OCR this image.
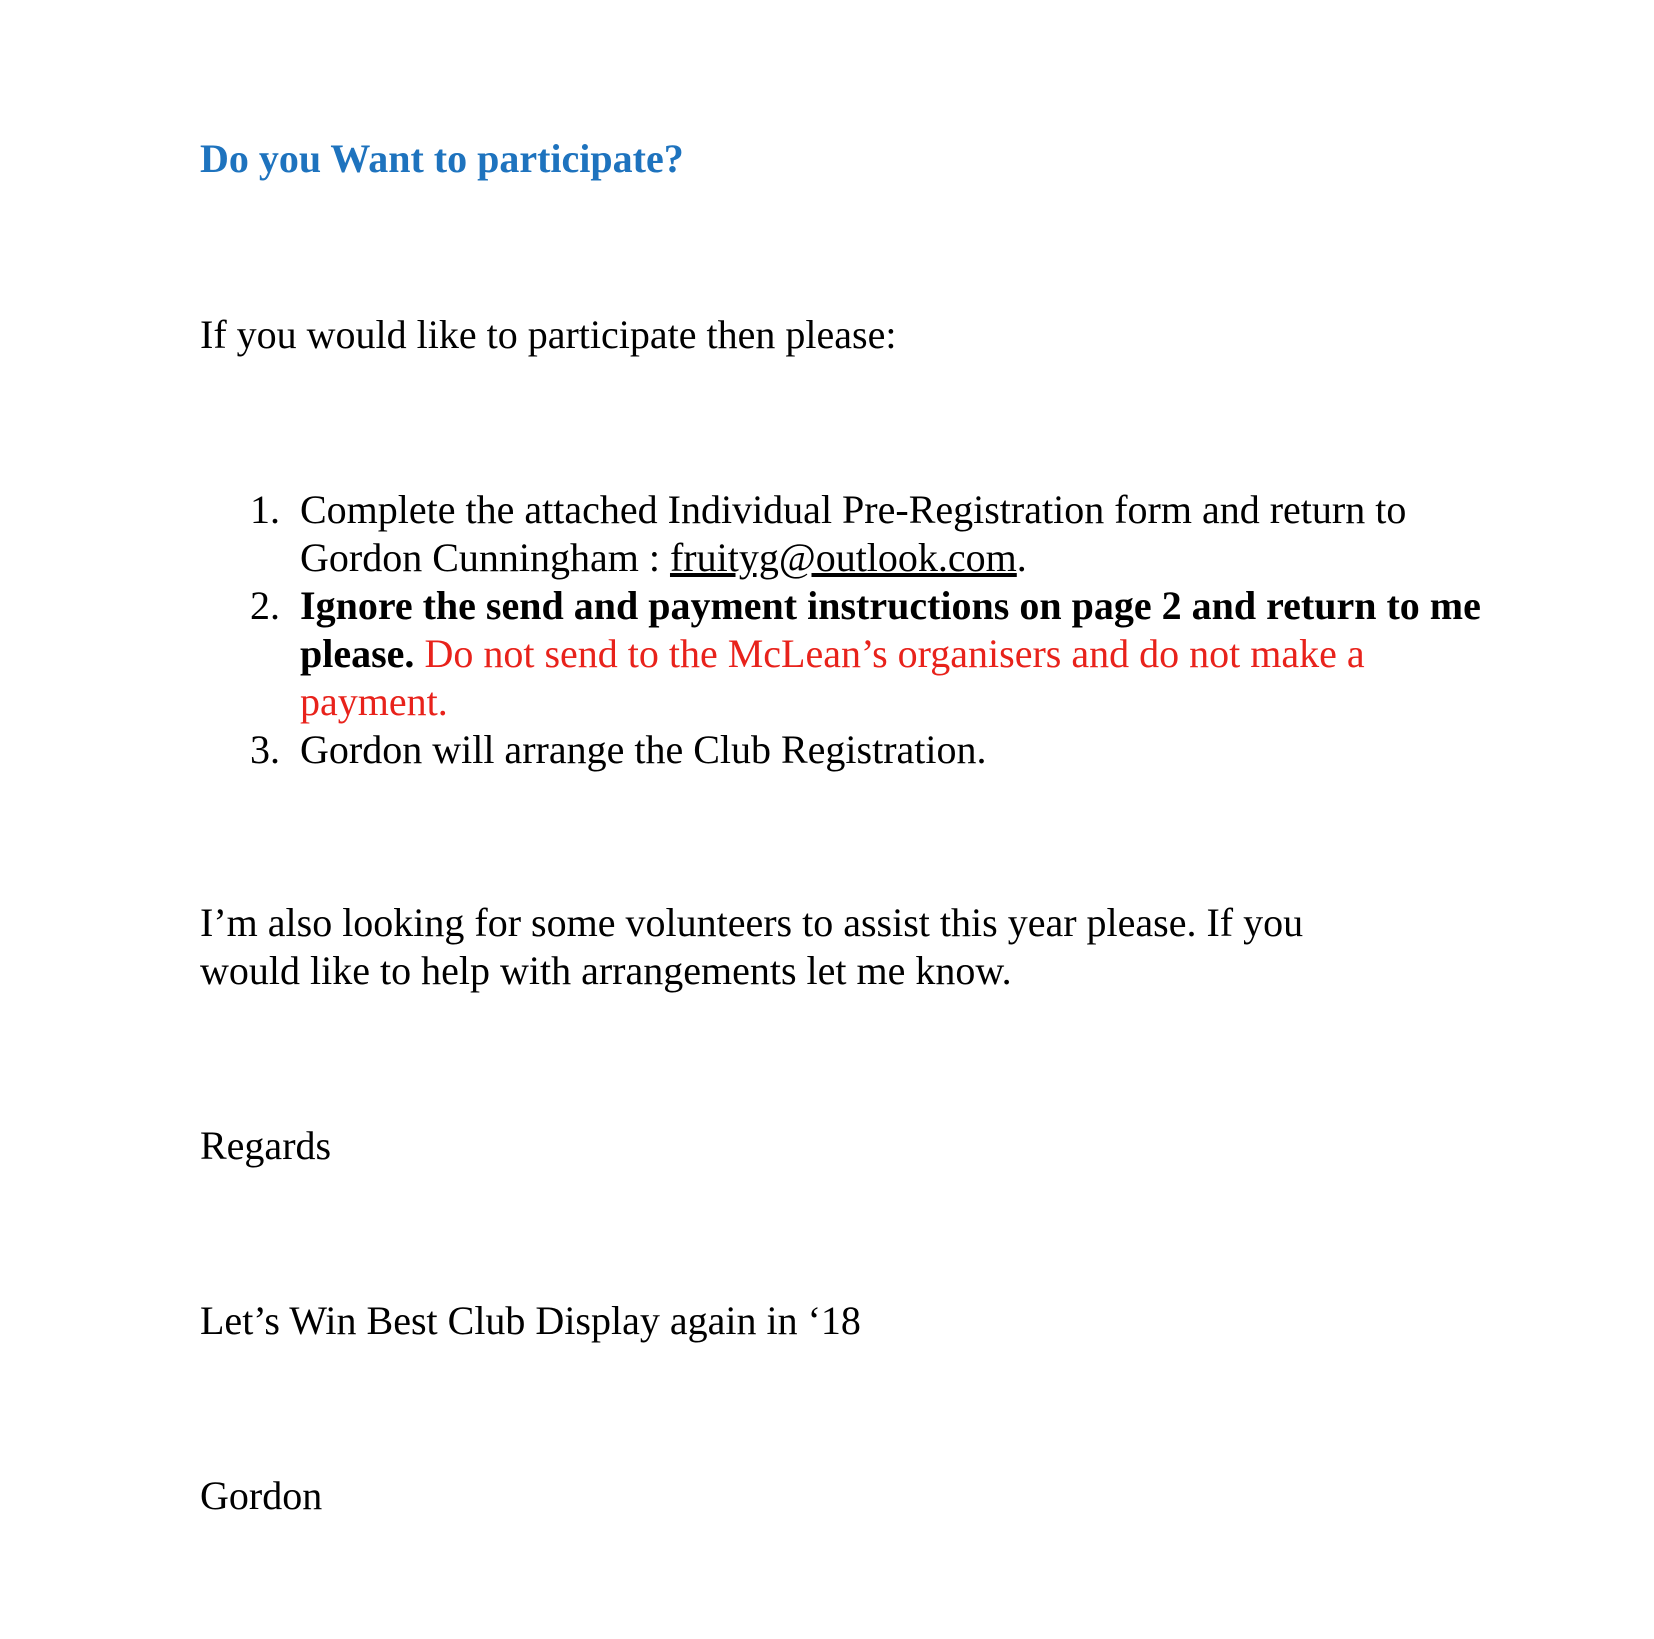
Do you Want to participate?

If you would like to participate then please:

1. Complete the attached Individual Pre-Registration form and return to
Gordon Cunningham : fruityg@outlook.com.
2. Ignore the send and payment instructions on page 2 and return to me please. Do not send to the McLean’s organisers and do not make a payment.
3. Gordon will arrange the Club Registration.

I’m also looking for some volunteers to assist this year please. If you
would like to help with arrangements let me know.

Regards

Let’s Win Best Club Display again in ‘18

Gordon
